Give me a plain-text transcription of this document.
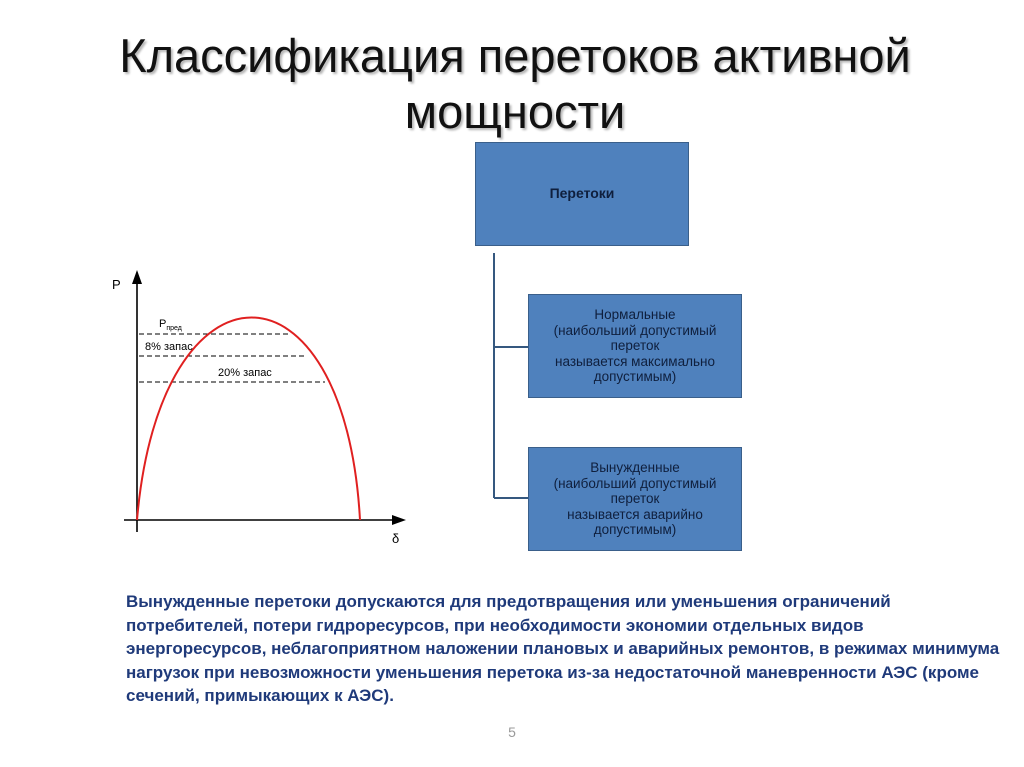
Классификация перетоков активной мощности
P
δ
$P_{пред}$
8% запас
20% запас
Перетоки
Нормальные
(наибольший допустимый
переток
называется максимально
допустимым)
Вынужденные
(наибольший допустимый
переток
называется аварийно
допустимым)
Вынужденные перетоки допускаются для предотвращения или уменьшения ограничений потребителей, потери гидроресурсов, при необходимости экономии отдельных видов энергоресурсов, неблагоприятном наложении плановых и аварийных ремонтов, в режимах минимума нагрузок при невозможности уменьшения перетока из-за недостаточной маневренности АЭС (кроме сечений, примыкающих к АЭС).
5
